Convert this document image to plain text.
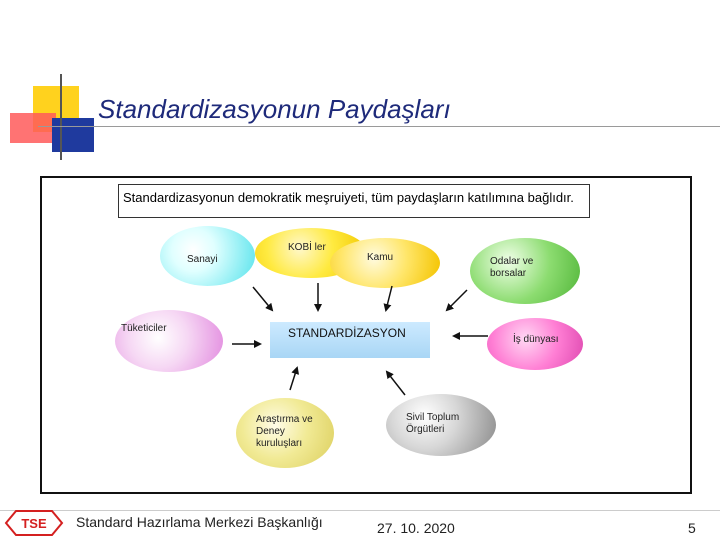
Standardizasyonun Paydaşları
Standardizasyonun demokratik meşruiyeti, tüm paydaşların katılımına bağlıdır.
Sanayi
KOBİ ler
Kamu	Odalar ve
borsalar
Tüketiciler	STANDARDİZASYON	İş dünyası
Araştırma ve
Deney
kuruluşları
Sivil Toplum
Örgütleri
TSE Standard Hazırlama Merkezi Başkanlığı	27. 10. 2020	5
